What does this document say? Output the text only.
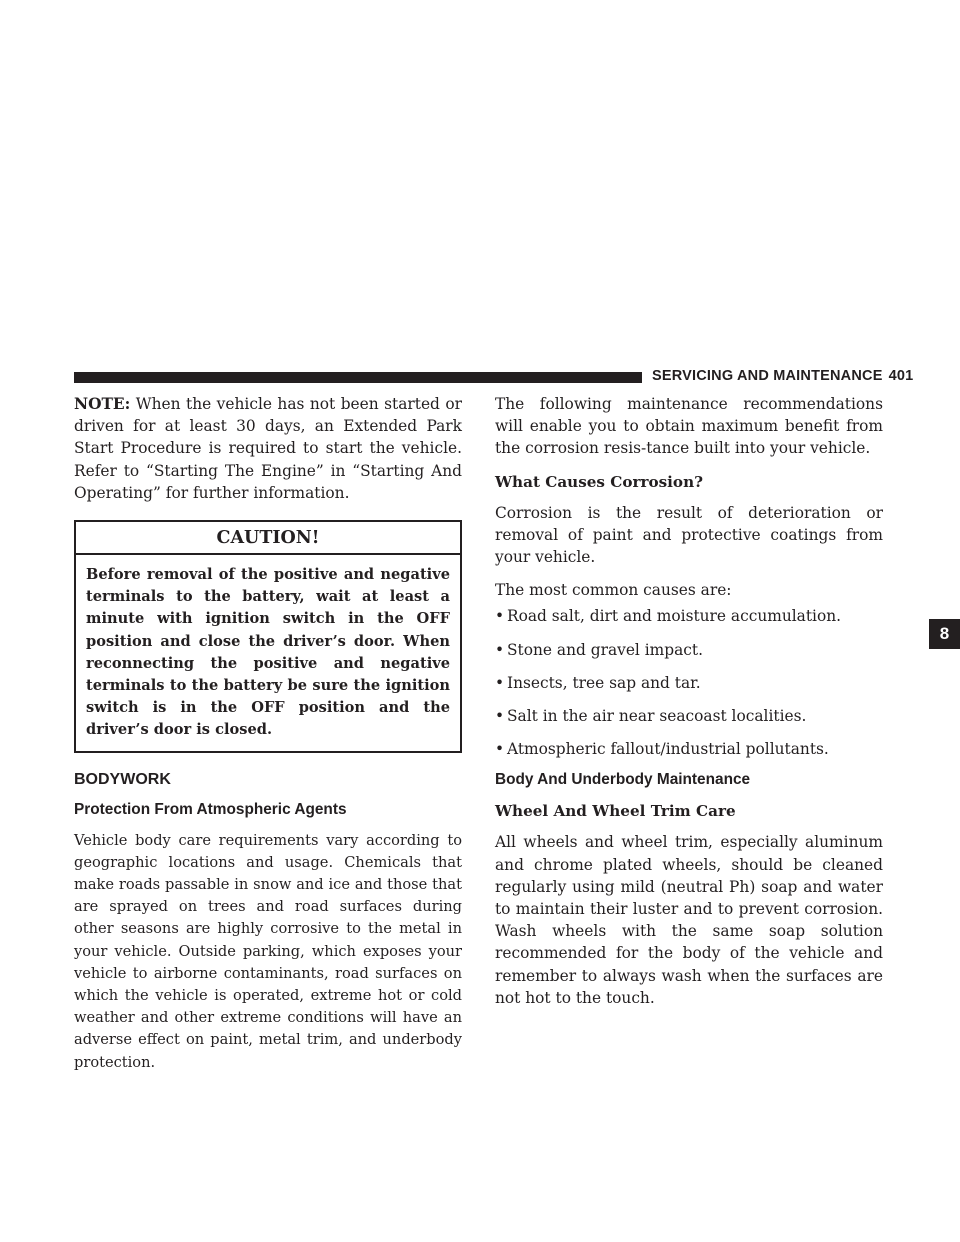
SERVICING AND MAINTENANCE 401

NOTE: When the vehicle has not been started or driven for at least 30 days, an Extended Park Start Procedure is required to start the vehicle. Refer to “Starting The Engine” in “Starting And Operating” for further information.

CAUTION!
Before removal of the positive and negative terminals to the battery, wait at least a minute with ignition switch in the OFF position and close the driver’s door. When reconnecting the positive and negative terminals to the battery be sure the ignition switch is in the OFF position and the driver’s door is closed.
BODYWORK
Protection From Atmospheric Agents

Vehicle body care requirements vary according to geographic locations and usage. Chemicals that make roads passable in snow and ice and those that are sprayed on trees and road surfaces during other seasons are highly corrosive to the metal in your vehicle. Outside parking, which exposes your vehicle to airborne contaminants, road surfaces on which the vehicle is operated, extreme hot or cold weather and other extreme conditions will have an adverse effect on paint, metal trim, and underbody protection.

The following maintenance recommendations will enable you to obtain maximum benefit from the corrosion resis-tance built into your vehicle.

What Causes Corrosion?

Corrosion is the result of deterioration or removal of paint and protective coatings from your vehicle.

The most common causes are:

• Road salt, dirt and moisture accumulation.
• Stone and gravel impact.
• Insects, tree sap and tar.
• Salt in the air near seacoast localities.
• Atmospheric fallout/industrial pollutants.
Body And Underbody Maintenance
Wheel And Wheel Trim Care

All wheels and wheel trim, especially aluminum and chrome plated wheels, should be cleaned regularly using mild (neutral Ph) soap and water to maintain their luster and to prevent corrosion. Wash wheels with the same soap solution recommended for the body of the vehicle and remember to always wash when the surfaces are not hot to the touch.

8
